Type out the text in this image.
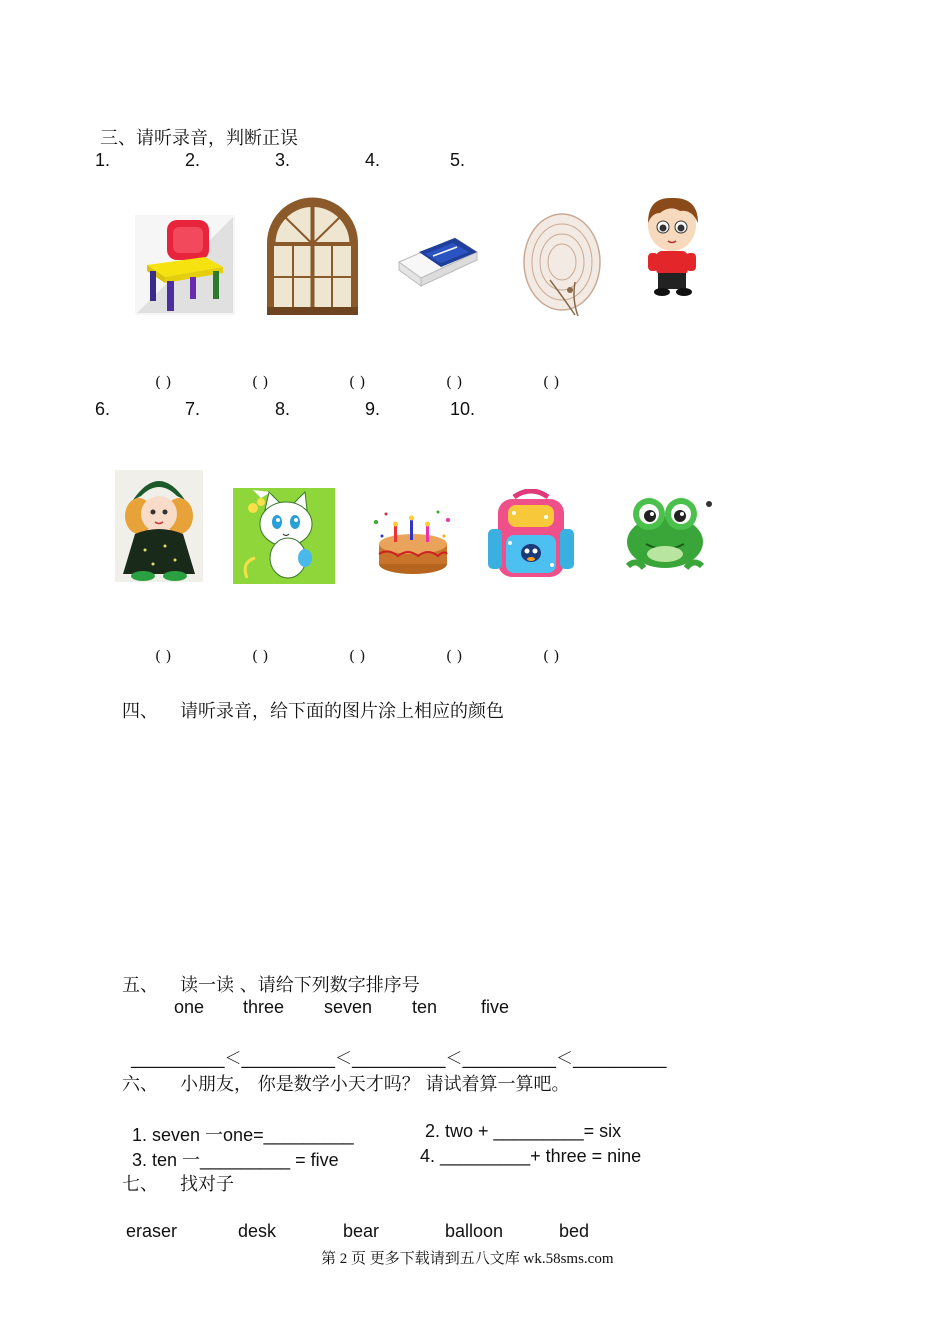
三、请听录音，判断正误
1.	2.	3.	4.	5.
( )	( )	( )	( )	( )
6.	7.	8.	9.	10.
( )	( )	( )	( )	( )
四、 请听录音，给下面的图片涂上相应的颜色
五、 读一读 、请给下列数字排序号
one three seven ten five
___________＜___________＜___________＜___________＜___________
六、 小朋友， 你是数学小天才吗？ 请试着算一算吧。
1. seven 一one=_________	2. two + _________= six
3. ten 一_________ = five	4. _________+ three = nine
七、 找对子
eraser	desk	bear	balloon	bed
第 2 页 更多下载请到五八文库 wk.58sms.com
